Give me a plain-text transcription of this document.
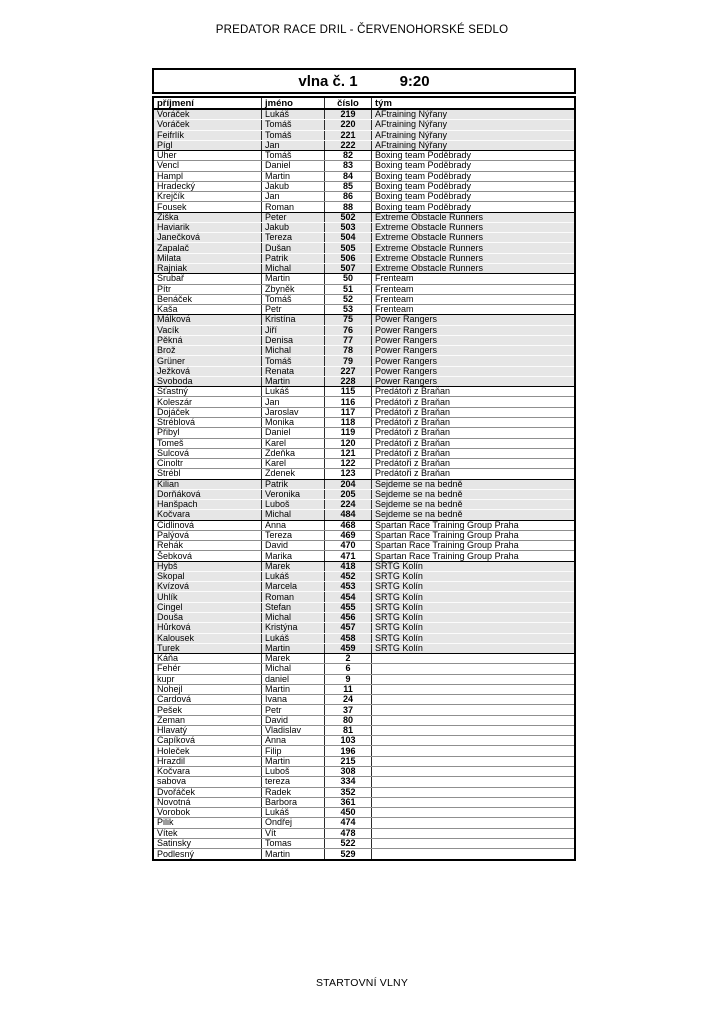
PREDATOR RACE DRIL - ČERVENOHORSKÉ SEDLO
vlna č. 1	9:20
příjmení	jméno	číslo	tým
Voráček	Lukáš	219	AFtraining Nýřany
Voráček	Tomáš	220	AFtraining Nýřany
Feifrlík	Tomáš	221	AFtraining Nýřany
Pígl	Jan	222	AFtraining Nýřany
Uher	Tomáš	82	Boxing team Poděbrady
Vencl	Daniel	83	Boxing team Poděbrady
Hampl	Martin	84	Boxing team Poděbrady
Hradecký	Jakub	85	Boxing team Poděbrady
Krejčík	Jan	86	Boxing team Poděbrady
Fousek	Roman	88	Boxing team Poděbrady
Žiška	Peter	502	Extreme Obstacle Runners
Haviarik	Jakub	503	Extreme Obstacle Runners
Janečková	Tereza	504	Extreme Obstacle Runners
Zapalač	Dušan	505	Extreme Obstacle Runners
Milata	Patrik	506	Extreme Obstacle Runners
Rajniak	Michal	507	Extreme Obstacle Runners
Šrubař	Martin	50	Frenteam
Pítr	Zbyněk	51	Frenteam
Benáček	Tomáš	52	Frenteam
Kaša	Petr	53	Frenteam
Málková	Kristína	75	Power Rangers
Vacík	Jiří	76	Power Rangers
Pěkná	Denisa	77	Power Rangers
Brož	Michal	78	Power Rangers
Grüner	Tomáš	79	Power Rangers
Ježková	Renata	227	Power Rangers
Svoboda	Martin	228	Power Rangers
Šťastný	Lukáš	115	Predátoři z Braňan
Koleszár	Jan	116	Predátoři z Braňan
Dojáček	Jaroslav	117	Predátoři z Braňan
Štréblová	Monika	118	Predátoři z Braňan
Přibyl	Daniel	119	Predátoři z Braňan
Tomeš	Karel	120	Predátoři z Braňan
Šulcová	Zdeňka	121	Predátoři z Braňan
Cinoltr	Karel	122	Predátoři z Braňan
Štrébl	Zdenek	123	Predátoři z Braňan
Kilian	Patrik	204	Sejdeme se na bedně
Dorňáková	Veronika	205	Sejdeme se na bedně
Hanšpach	Luboš	224	Sejdeme se na bedně
Kočvara	Michal	484	Sejdeme se na bedně
Cidlinová	Anna	468	Spartan Race Training Group Praha
Palýová	Tereza	469	Spartan Race Training Group Praha
Řehák	David	470	Spartan Race Training Group Praha
Šebková	Marika	471	Spartan Race Training Group Praha
Hybš	Marek	418	SRTG Kolín
Skopal	Lukáš	452	SRTG Kolín
Kvízová	Marcela	453	SRTG Kolín
Uhlík	Roman	454	SRTG Kolín
Čingel	Štefan	455	SRTG Kolín
Douša	Michal	456	SRTG Kolín
Hůrková	Kristýna	457	SRTG Kolín
Kalousek	Lukáš	458	SRTG Kolín
Turek	Martin	459	SRTG Kolín
Káňa	Marek	2
Fehér	Michal	6
kupr	daniel	9
Nohejl	Martin	11
Čardová	Ivana	24
Pešek	Petr	37
Zeman	David	80
Hlavatý	Vladislav	81
Čapíková	Anna	103
Holeček	Filip	196
Hrazdil	Martin	215
Kočvara	Luboš	308
sabova	tereza	334
Dvořáček	Radek	352
Novotná	Barbora	361
Vorobok	Lukáš	450
Pilik	Ondřej	474
Vítek	Vít	478
Šatinsky	Tomas	522
Podlesný	Martin	529
STARTOVNÍ VLNY
